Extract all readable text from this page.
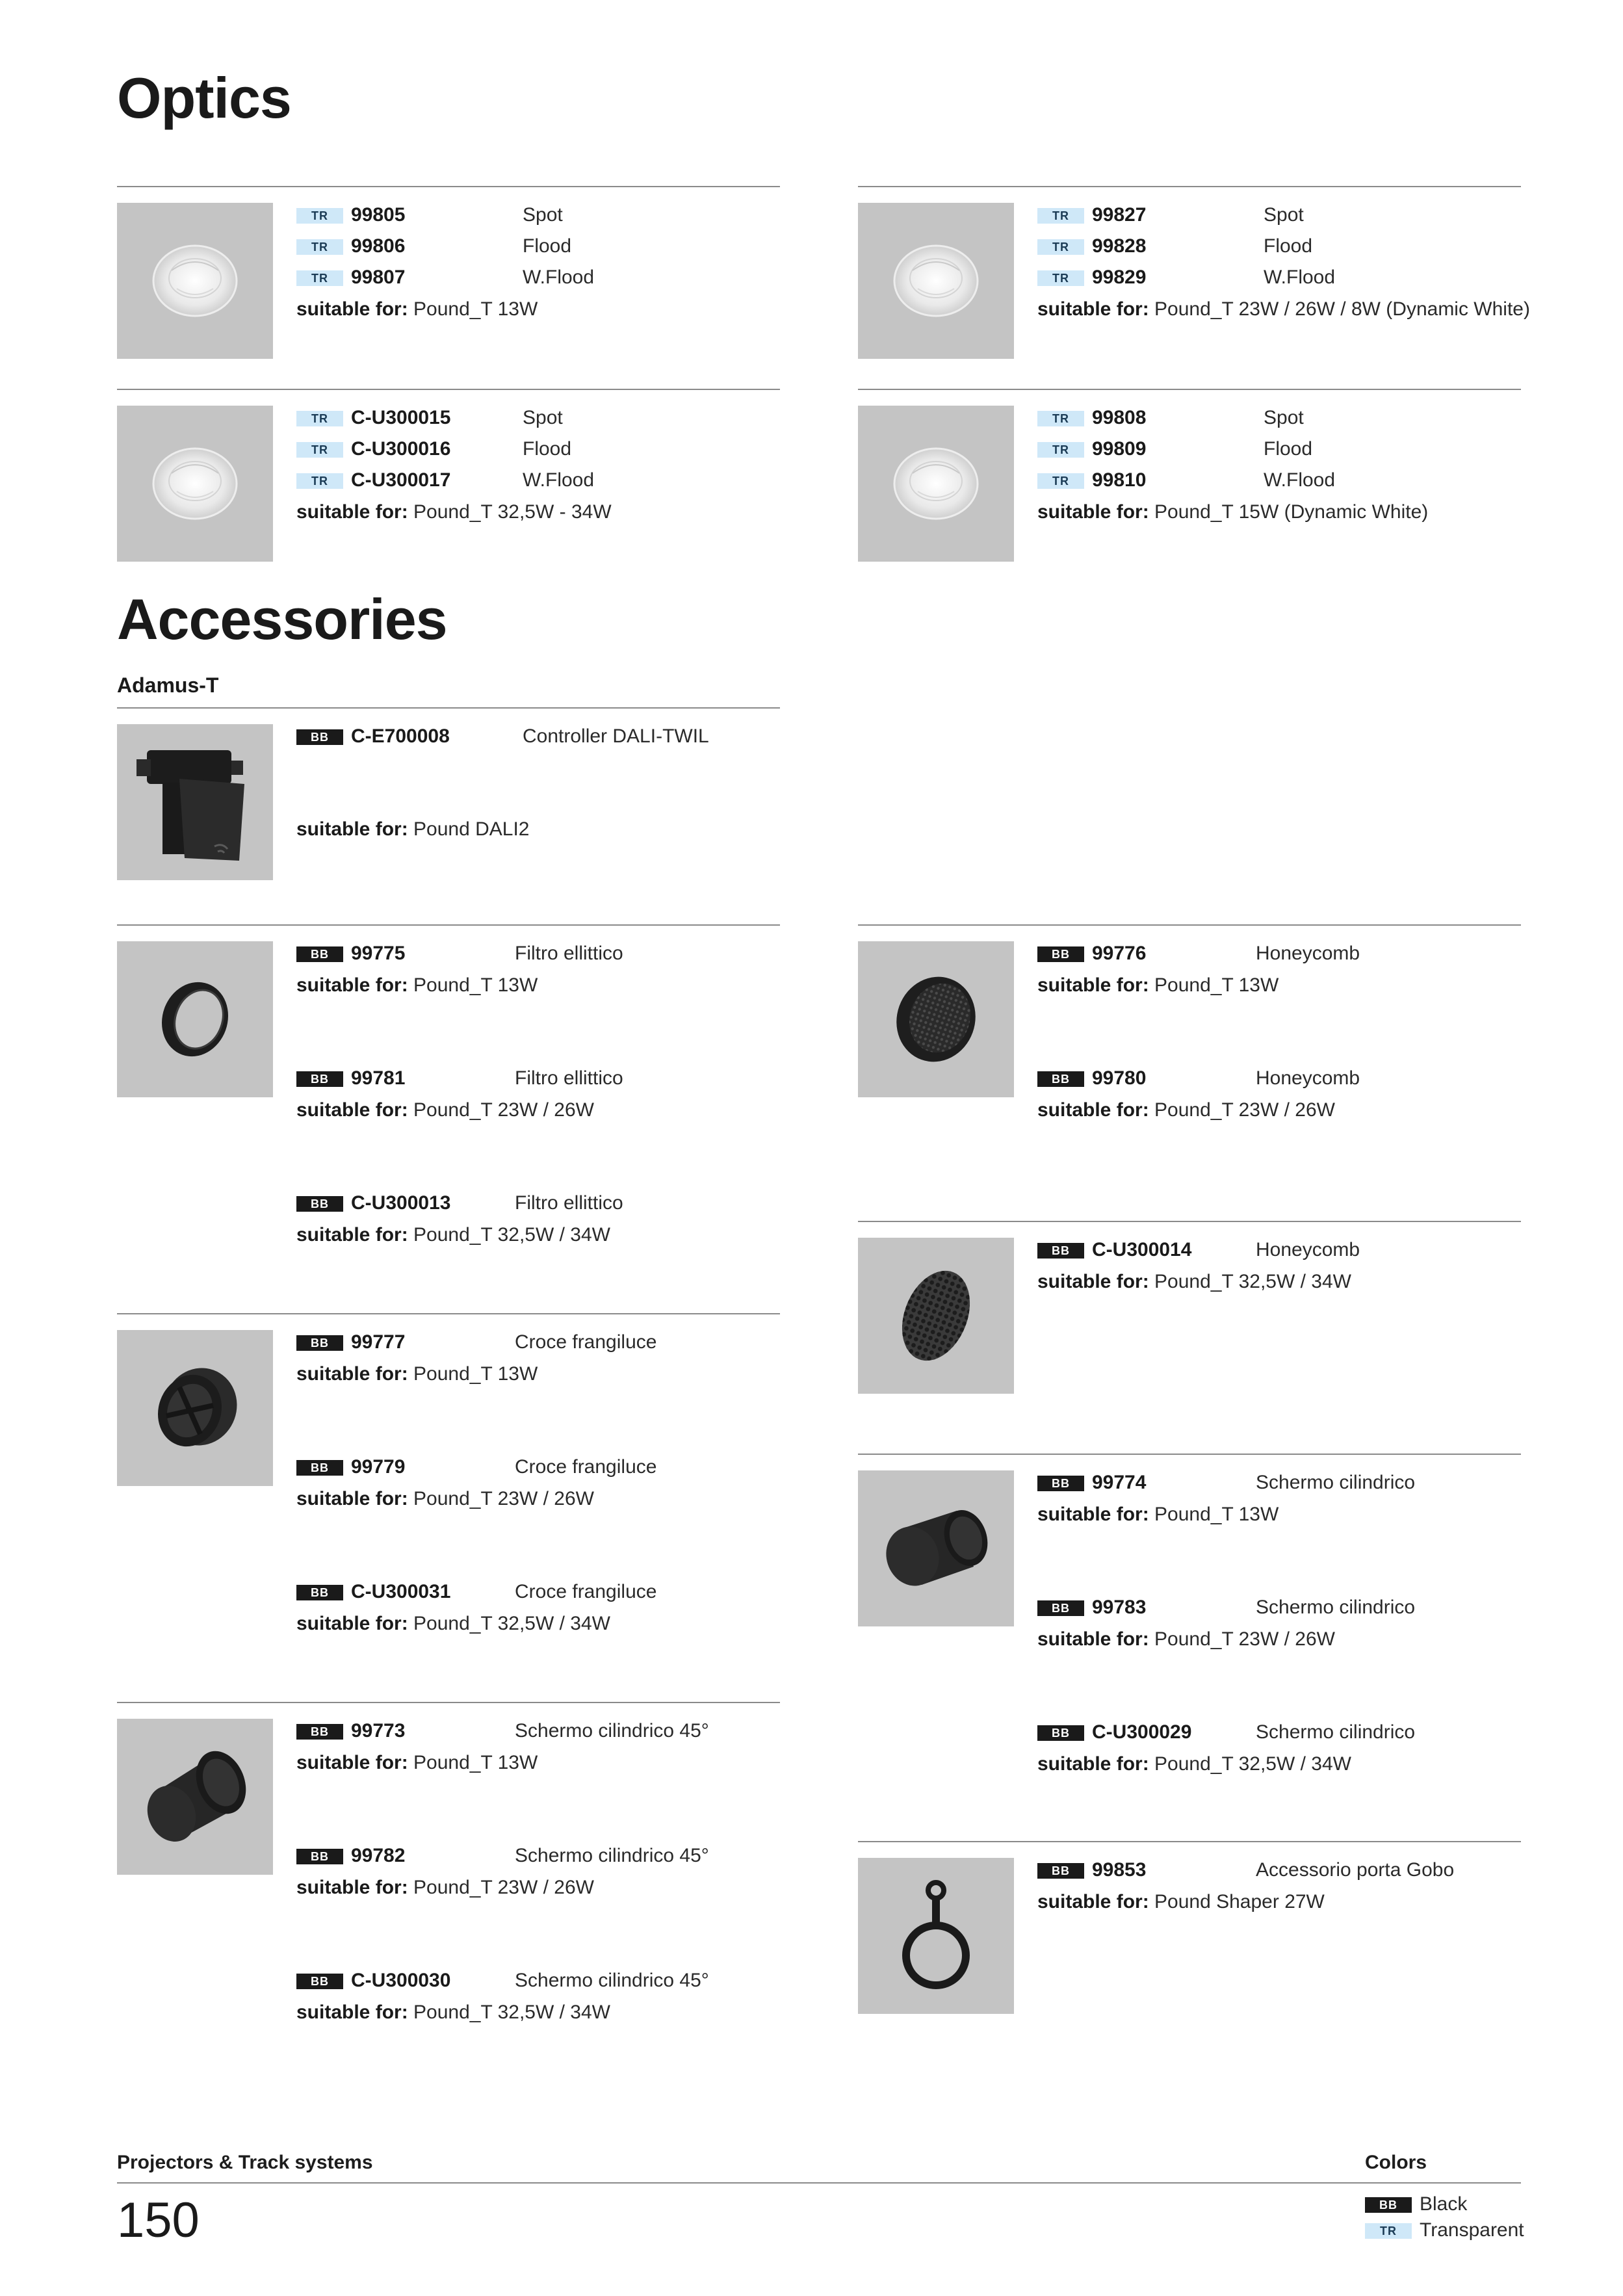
Optics
TR	99805	Spot
TR	99806	Flood
TR	99807	W.Flood
suitable for: Pound_T 13W
TR	99827	Spot
TR	99828	Flood
TR	99829	W.Flood
suitable for: Pound_T 23W / 26W / 8W (Dynamic White)
TR	C-U300015	Spot
TR	C-U300016	Flood
TR	C-U300017	W.Flood
suitable for: Pound_T 32,5W - 34W
TR	99808	Spot
TR	99809	Flood
TR	99810	W.Flood
suitable for: Pound_T 15W (Dynamic White)
Accessories
Adamus-T
BB	C-E700008	Controller DALI-TWIL
suitable for: Pound DALI2
BB	99775	Filtro ellittico
suitable for: Pound_T 13W
BB	99781	Filtro ellittico
suitable for: Pound_T 23W / 26W
BB	C-U300013	Filtro ellittico
suitable for: Pound_T 32,5W / 34W
BB	99776	Honeycomb
suitable for: Pound_T 13W
BB	99780	Honeycomb
suitable for: Pound_T 23W / 26W
BB	C-U300014	Honeycomb
suitable for: Pound_T 32,5W / 34W
BB	99777	Croce frangiluce
suitable for: Pound_T 13W
BB	99779	Croce frangiluce
suitable for: Pound_T 23W / 26W
BB	C-U300031	Croce frangiluce
suitable for: Pound_T 32,5W / 34W
BB	99774	Schermo cilindrico
suitable for: Pound_T 13W
BB	99783	Schermo cilindrico
suitable for: Pound_T 23W / 26W
BB	C-U300029	Schermo cilindrico
suitable for: Pound_T 32,5W / 34W
BB	99773	Schermo cilindrico 45°
suitable for: Pound_T 13W
BB	99782	Schermo cilindrico 45°
suitable for: Pound_T 23W / 26W
BB	C-U300030	Schermo cilindrico 45°
suitable for: Pound_T 32,5W / 34W
BB	99853	Accessorio porta Gobo
suitable for: Pound Shaper 27W
Projectors & Track systems	Colors
150	BB	Black
TR	Transparent
